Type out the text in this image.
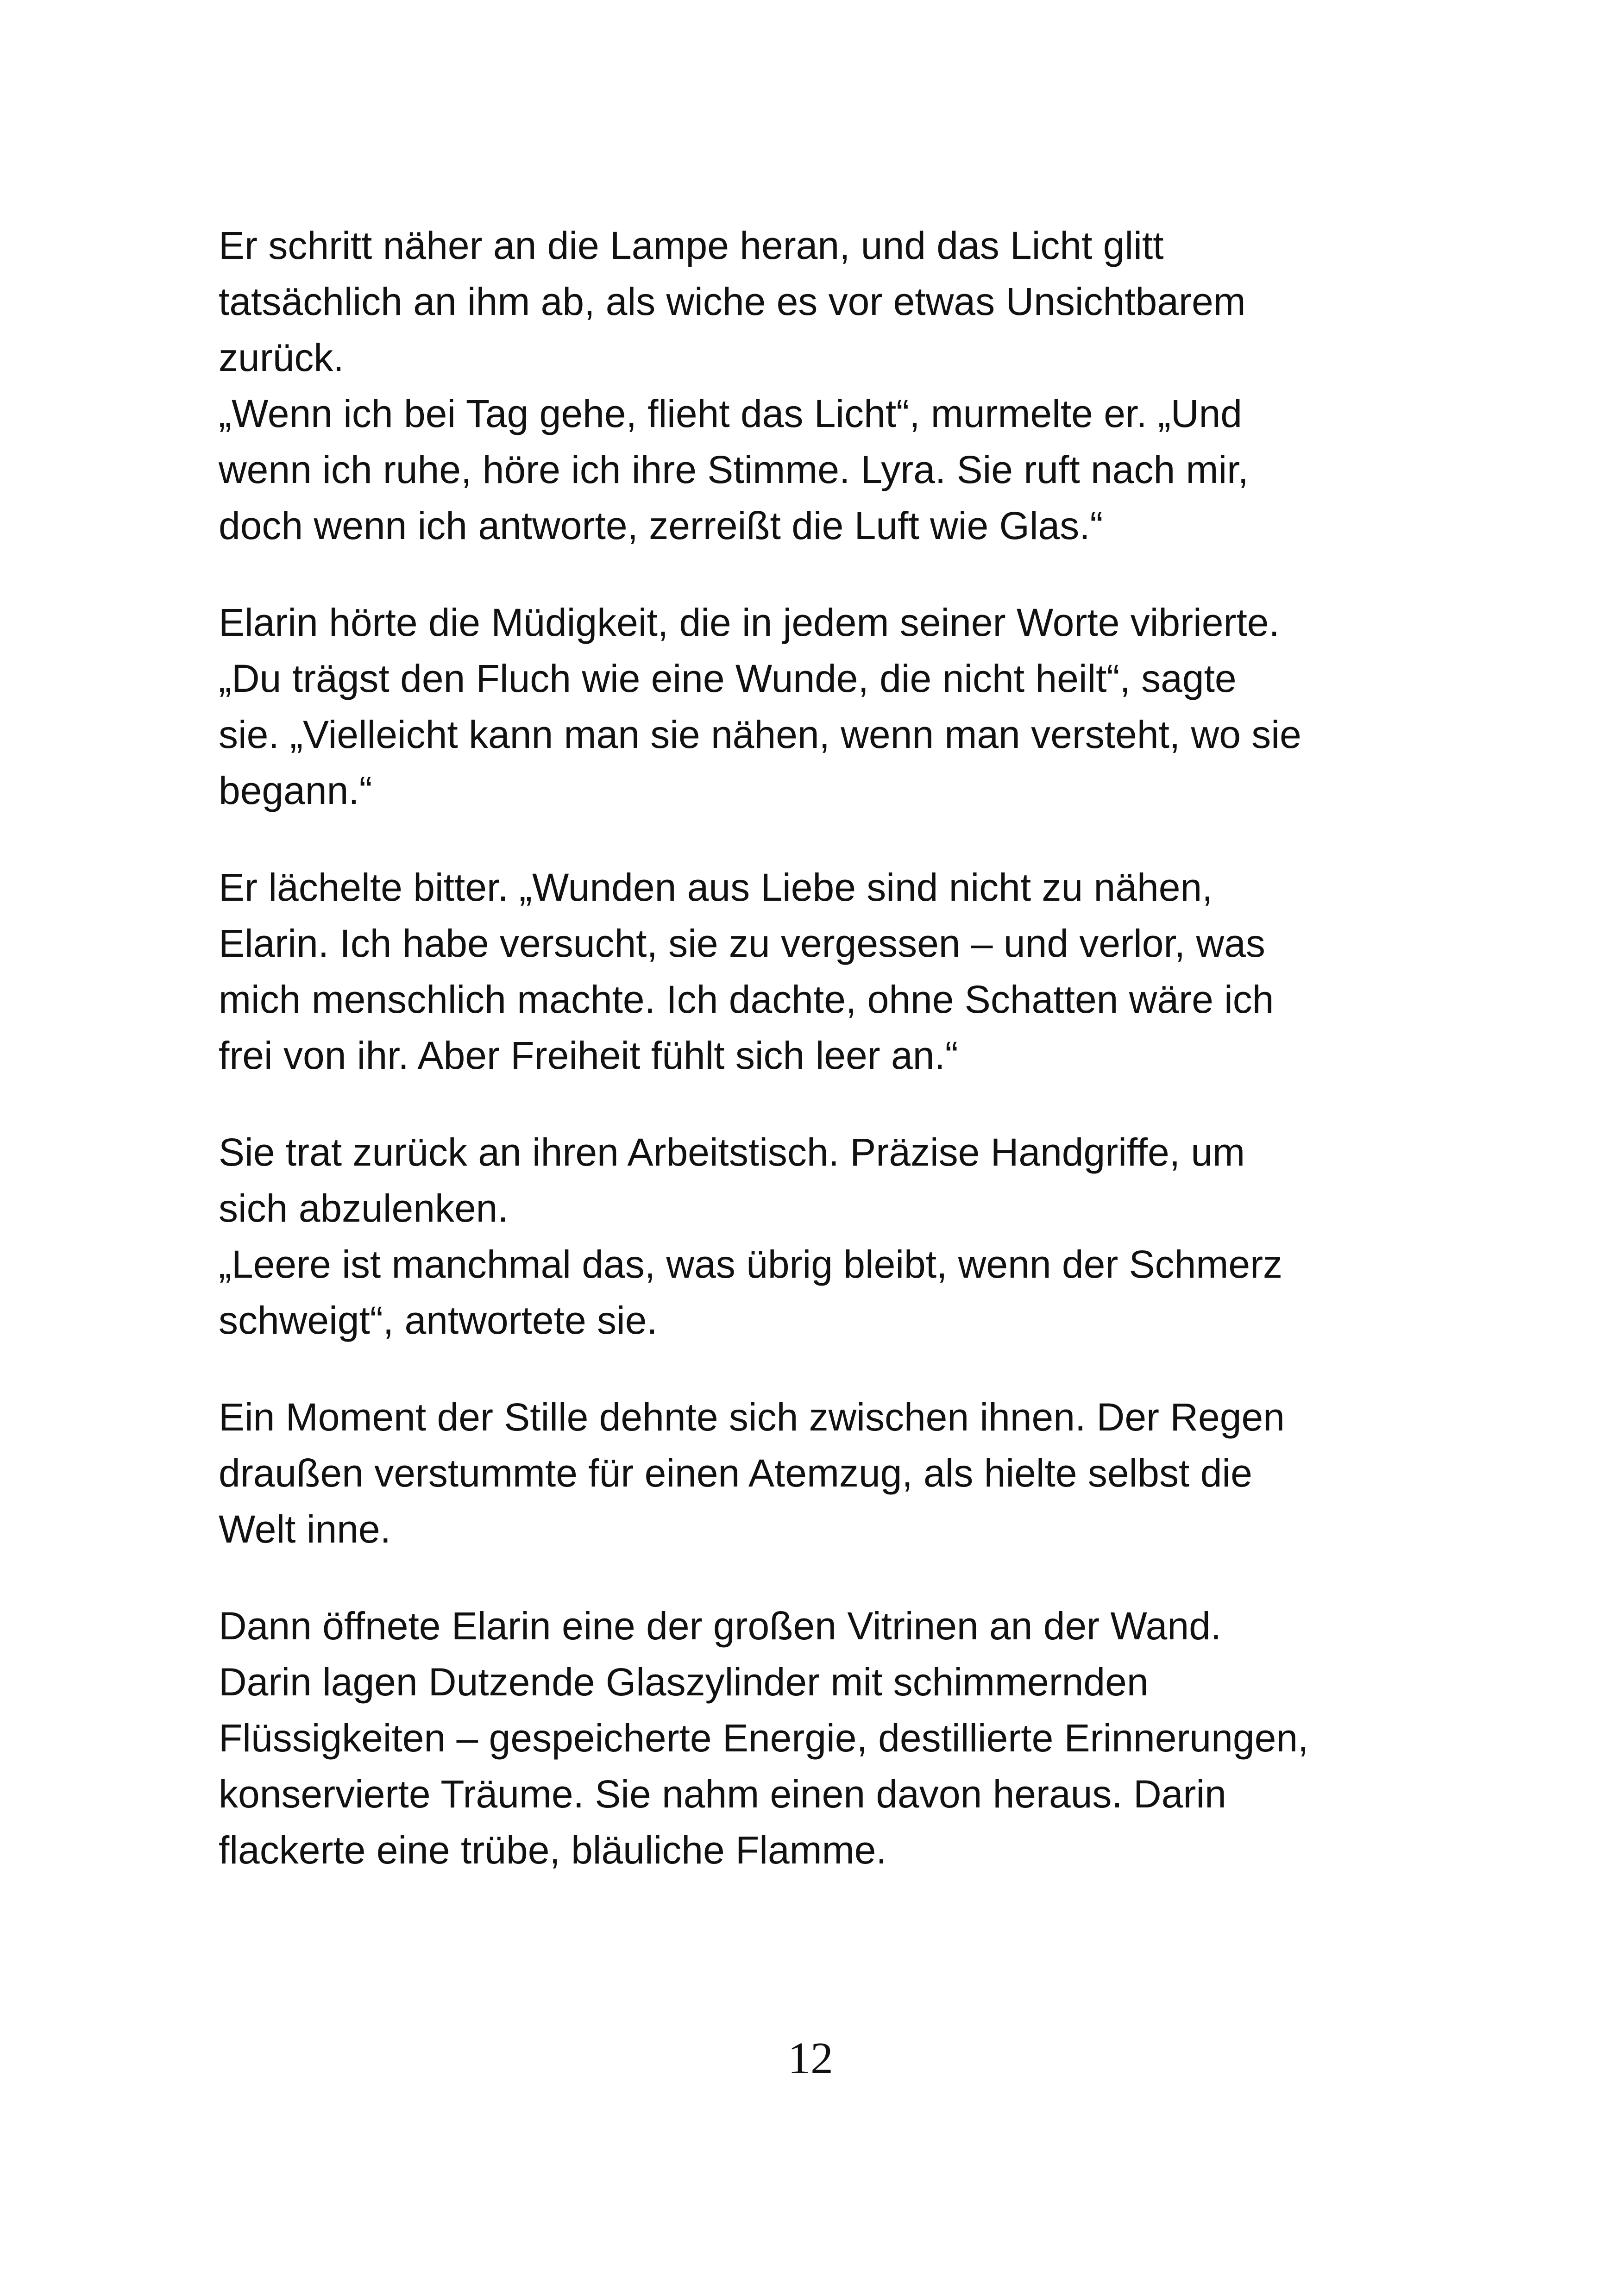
Er schritt näher an die Lampe heran, und das Licht glitt
tatsächlich an ihm ab, als wiche es vor etwas Unsichtbarem
zurück.
„Wenn ich bei Tag gehe, flieht das Licht“, murmelte er. „Und
wenn ich ruhe, höre ich ihre Stimme. Lyra. Sie ruft nach mir,
doch wenn ich antworte, zerreißt die Luft wie Glas.“

Elarin hörte die Müdigkeit, die in jedem seiner Worte vibrierte.
„Du trägst den Fluch wie eine Wunde, die nicht heilt“, sagte
sie. „Vielleicht kann man sie nähen, wenn man versteht, wo sie
begann.“

Er lächelte bitter. „Wunden aus Liebe sind nicht zu nähen,
Elarin. Ich habe versucht, sie zu vergessen – und verlor, was
mich menschlich machte. Ich dachte, ohne Schatten wäre ich
frei von ihr. Aber Freiheit fühlt sich leer an.“

Sie trat zurück an ihren Arbeitstisch. Präzise Handgriffe, um
sich abzulenken.
„Leere ist manchmal das, was übrig bleibt, wenn der Schmerz
schweigt“, antwortete sie.

Ein Moment der Stille dehnte sich zwischen ihnen. Der Regen
draußen verstummte für einen Atemzug, als hielte selbst die
Welt inne.

Dann öffnete Elarin eine der großen Vitrinen an der Wand.
Darin lagen Dutzende Glaszylinder mit schimmernden
Flüssigkeiten – gespeicherte Energie, destillierte Erinnerungen,
konservierte Träume. Sie nahm einen davon heraus. Darin
flackerte eine trübe, bläuliche Flamme.

12
